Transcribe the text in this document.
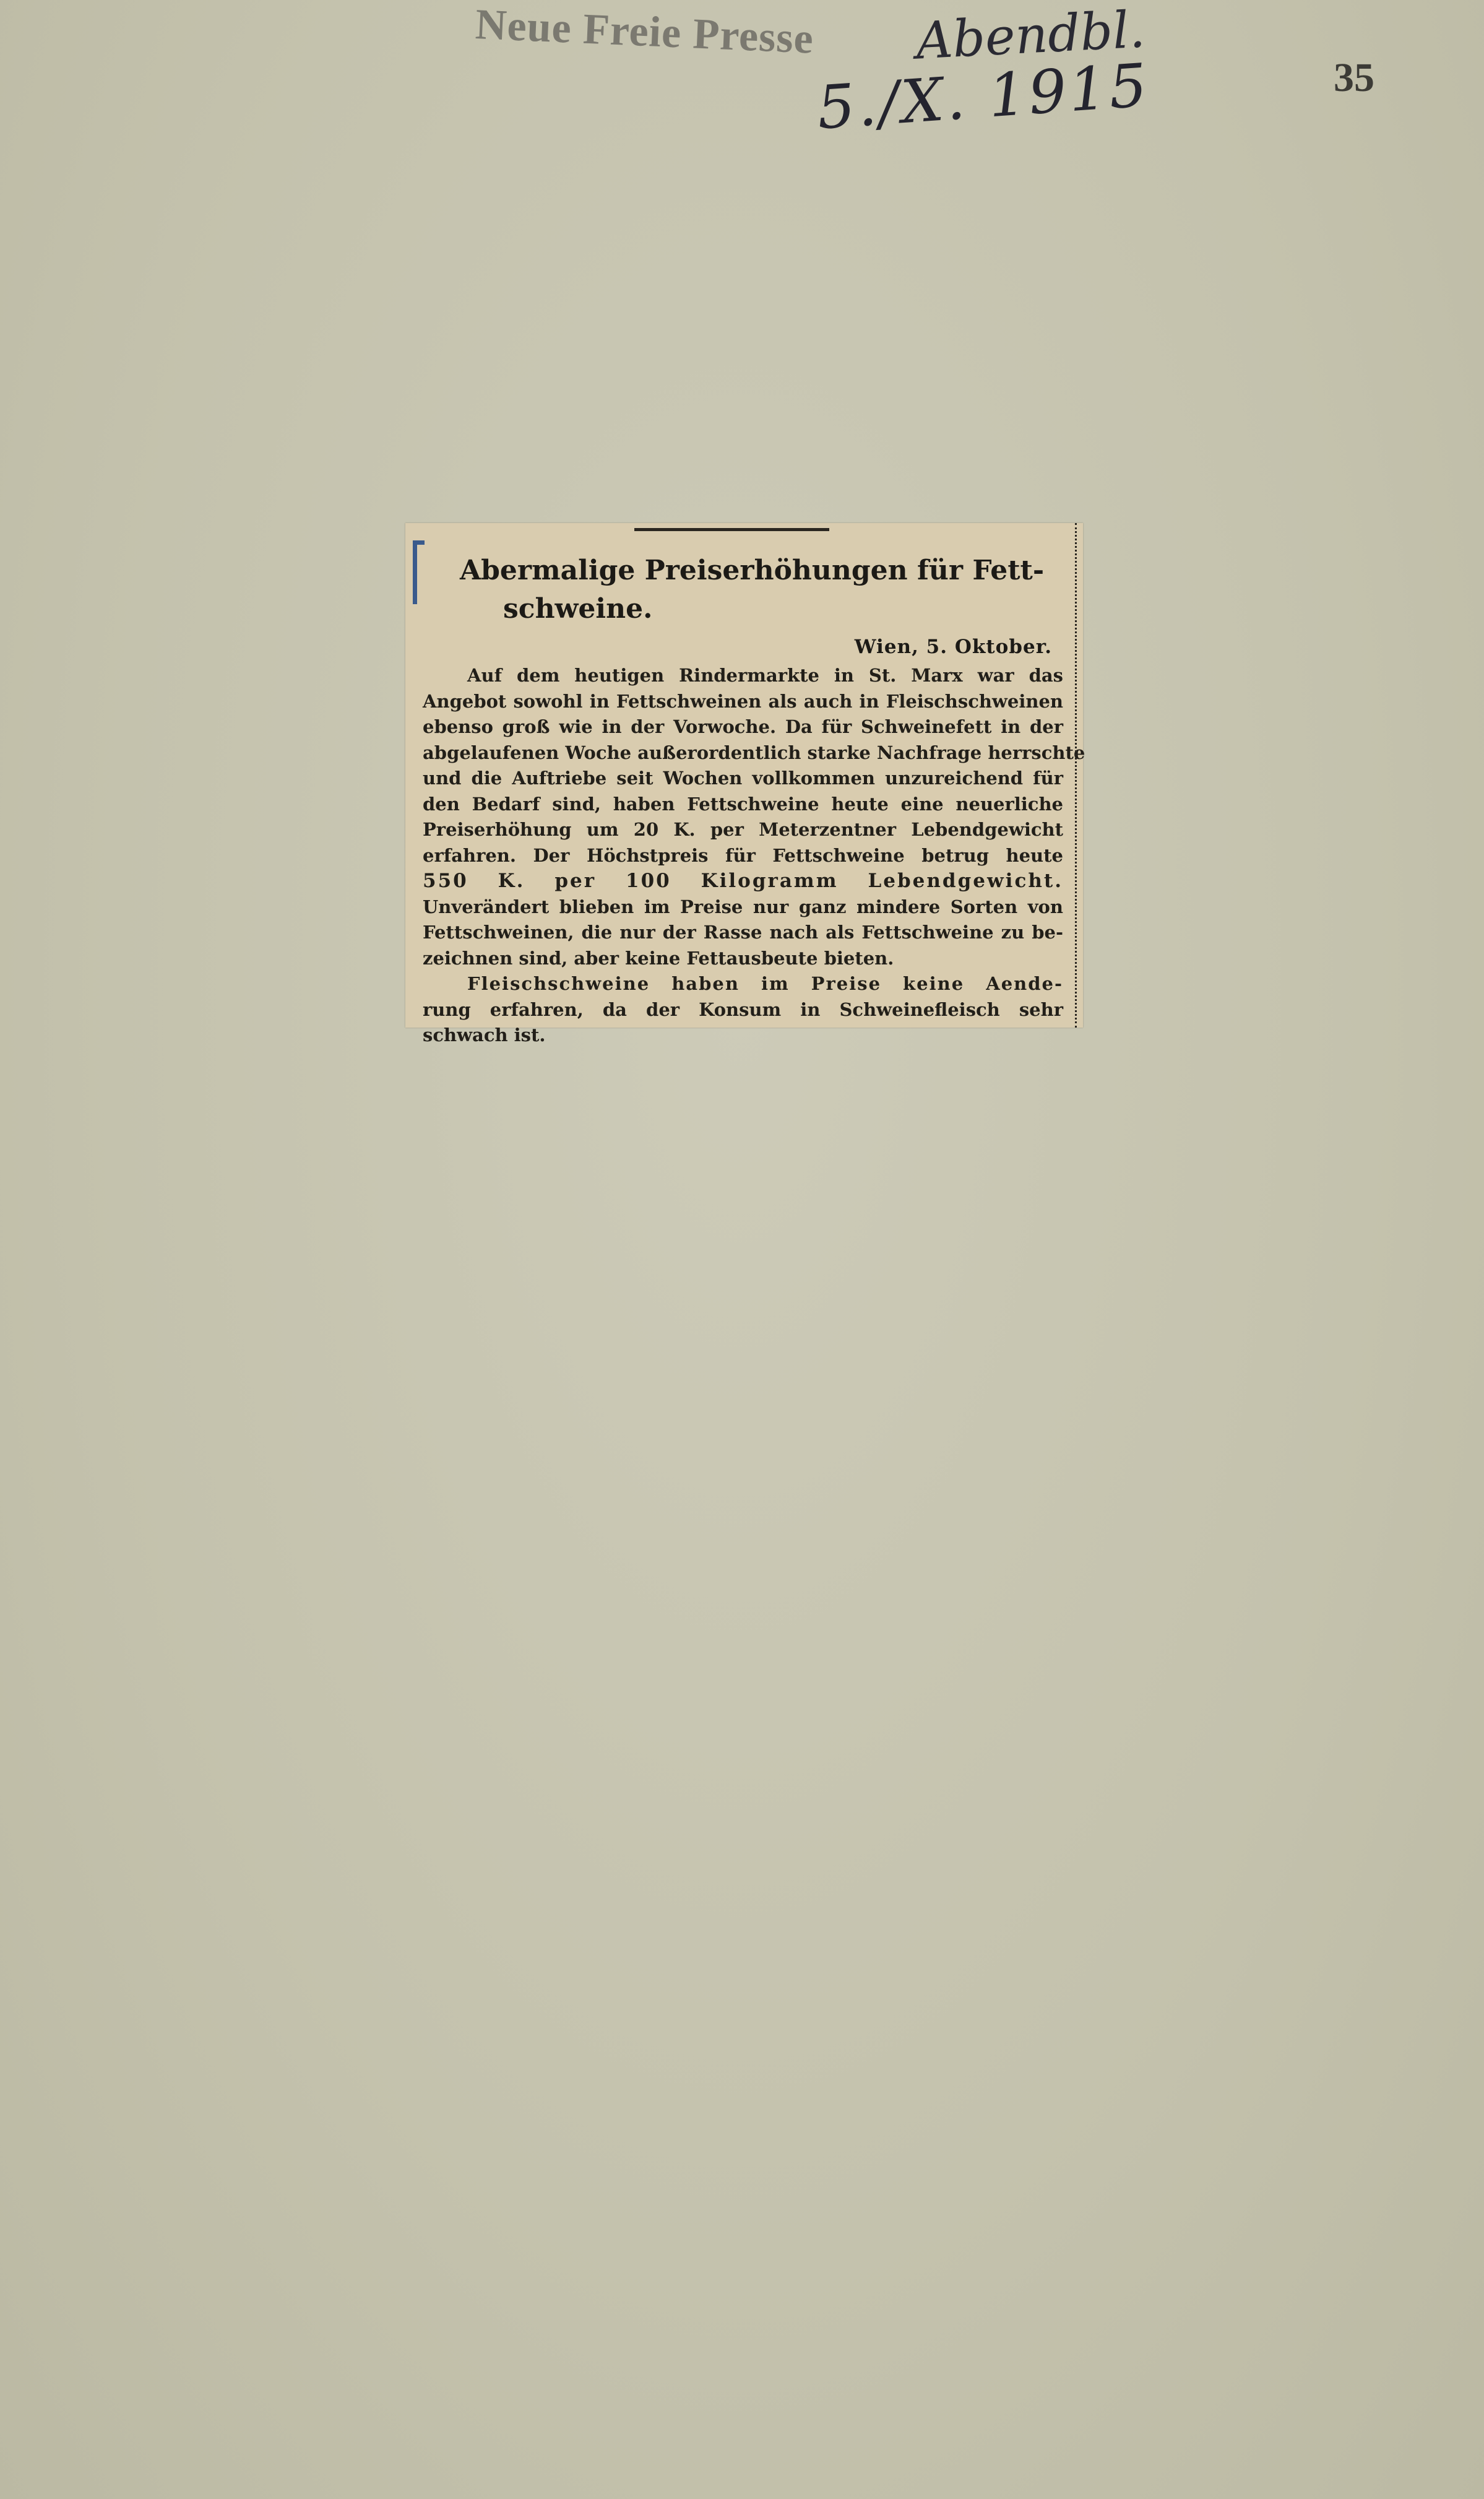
Neue Freie Presse Abendbl.
5./X. 1915	35
Abermalige Preiserhöhungen für Fett-
schweine.
Wien, 5. Oktober.
Auf dem heutigen Rindermarkte in St. Marx war das
Angebot sowohl in Fettschweinen als auch in Fleischschweinen
ebenso groß wie in der Vorwoche. Da für Schweinefett in der
abgelaufenen Woche außerordentlich starke Nachfrage herrschte
und die Auftriebe seit Wochen vollkommen unzureichend für
den Bedarf sind, haben Fettschweine heute eine neuerliche
Preiserhöhung um 20 K. per Meterzentner Lebendgewicht
erfahren. Der Höchstpreis für Fettschweine betrug heute
550 K. per 100 Kilogramm Lebendgewicht.
Unverändert blieben im Preise nur ganz mindere Sorten von
Fettschweinen, die nur der Rasse nach als Fettschweine zu be-
zeichnen sind, aber keine Fettausbeute bieten.
Fleischschweine haben im Preise keine Aende-
rung erfahren, da der Konsum in Schweinefleisch sehr
schwach ist.
